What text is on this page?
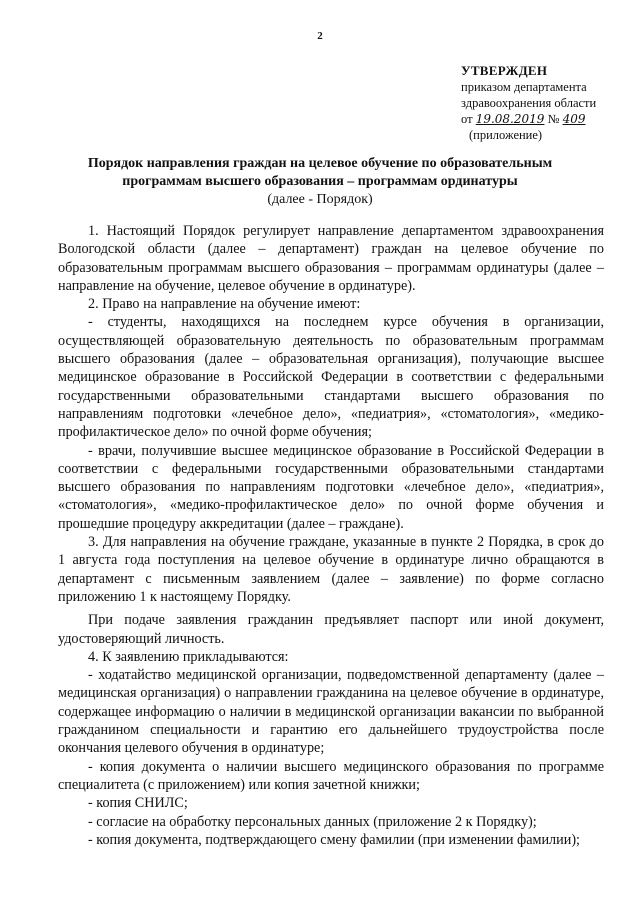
2
УТВЕРЖДЕН
приказом департамента
здравоохранения области
от 19.08.2019 № 409
(приложение)
Порядок направления граждан на целевое обучение по образовательным
программам высшего образования – программам ординатуры
(далее - Порядок)

1. Настоящий Порядок регулирует направление департаментом здравоохранения Вологодской области (далее – департамент) граждан на целевое обучение по образовательным программам высшего образования – программам ординатуры (далее – направление на обучение, целевое обучение в ординатуре).

2. Право на направление на обучение имеют:

- студенты, находящихся на последнем курсе обучения в организации, осуществляющей образовательную деятельность по образовательным программам высшего образования (далее – образовательная организация), получающие высшее медицинское образование в Российской Федерации в соответствии с федеральными государственными образовательными стандартами высшего образования по направлениям подготовки «лечебное дело», «педиатрия», «стоматология», «медико-профилактическое дело» по очной форме обучения;

- врачи, получившие высшее медицинское образование в Российской Федерации в соответствии с федеральными государственными образовательными стандартами высшего образования по направлениям подготовки «лечебное дело», «педиатрия», «стоматология», «медико-профилактическое дело» по очной форме обучения и прошедшие процедуру аккредитации (далее – граждане).

3. Для направления на обучение граждане, указанные в пункте 2 Порядка, в срок до 1 августа года поступления на целевое обучение в ординатуре лично обращаются в департамент с письменным заявлением (далее – заявление) по форме согласно приложению 1 к настоящему Порядку.

При подаче заявления гражданин предъявляет паспорт или иной документ, удостоверяющий личность.

4. К заявлению прикладываются:

- ходатайство медицинской организации, подведомственной департаменту (далее – медицинская организация) о направлении гражданина на целевое обучение в ординатуре, содержащее информацию о наличии в медицинской организации вакансии по выбранной гражданином специальности и гарантию его дальнейшего трудоустройства после окончания целевого обучения в ординатуре;

- копия документа о наличии высшего медицинского образования по программе специалитета (с приложением) или копия зачетной книжки;

- копия СНИЛС;

- согласие на обработку персональных данных (приложение 2 к Порядку);

- копия документа, подтверждающего смену фамилии (при изменении фамилии);
